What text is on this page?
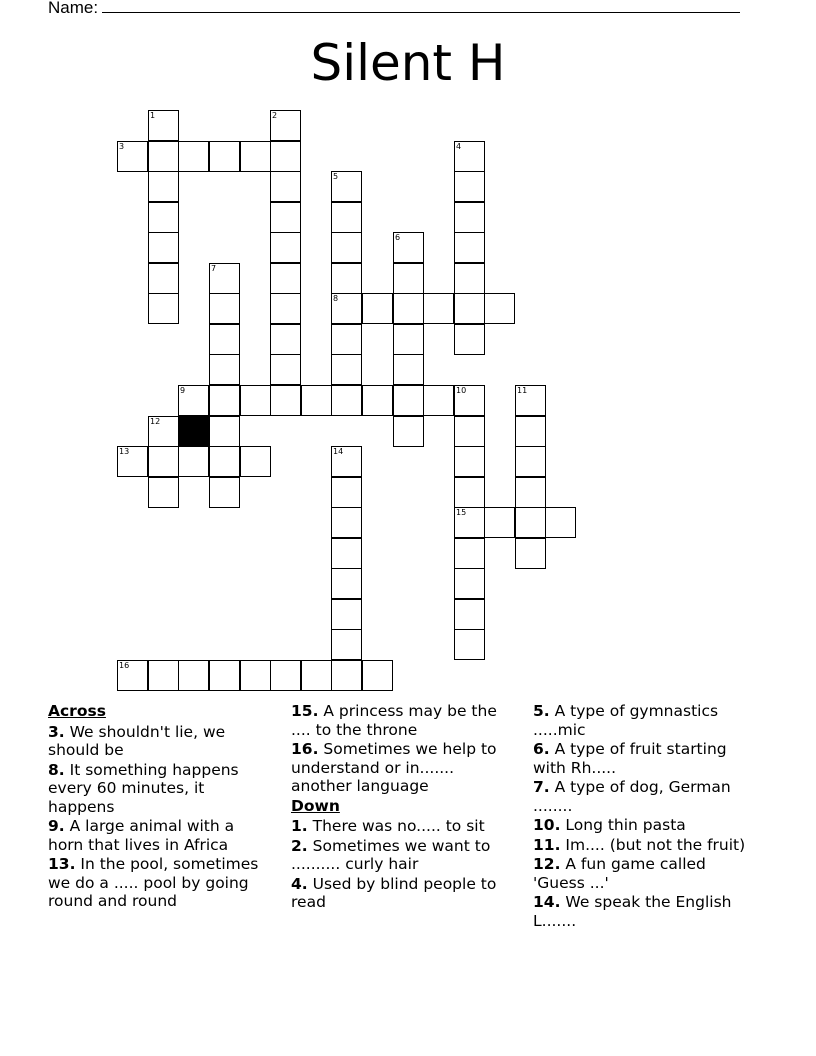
Name:
Silent H
1	2
3	4
5
6
7
8
9	10	11
12
13	14
15
16
Across
3. We shouldn't lie, we should be
8. It something happens every 60 minutes, it happens
9. A large animal with a horn that lives in Africa
13. In the pool, sometimes we do a ..... pool by going round and round
15. A princess may be the .... to the throne
16. Sometimes we help to understand or in....... another language
Down
1. There was no..... to sit
2. Sometimes we want to .......... curly hair
4. Used by blind people to read
5. A type of gymnastics .....mic
6. A type of fruit starting with Rh.....
7. A type of dog, German ........
10. Long thin pasta
11. Im.... (but not the fruit)
12. A fun game called 'Guess ...'
14. We speak the English L.......
